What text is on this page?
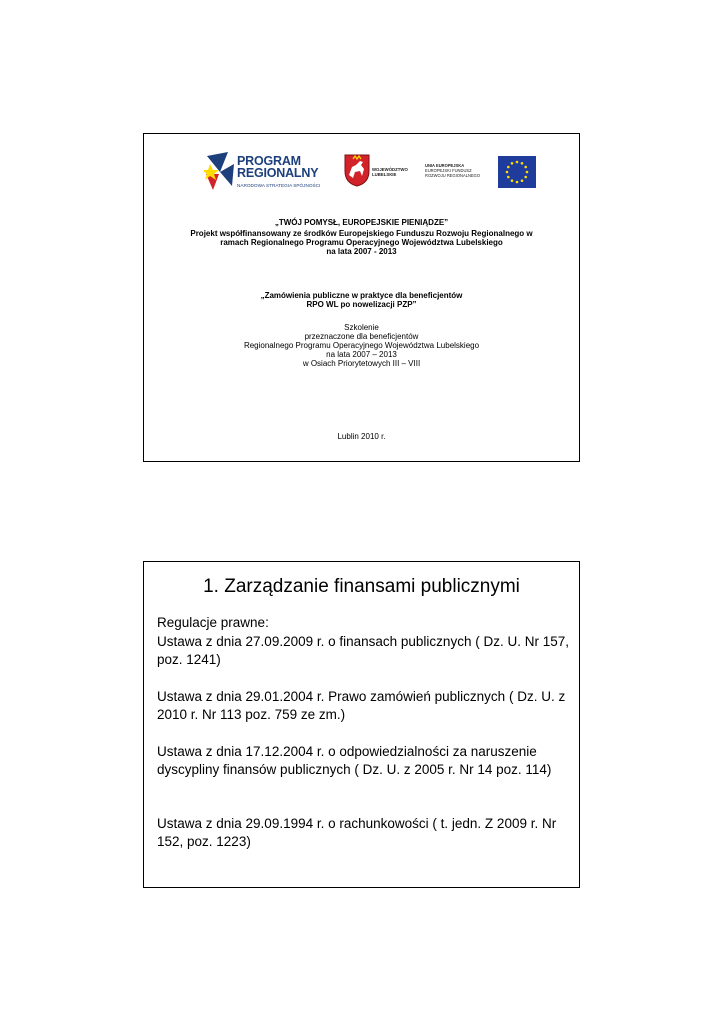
PROGRAM
REGIONALNY
NARODOWA STRATEGIA SPÓJNOŚCI
WOJEWÓDZTWO
LUBELSKIE
UNIA EUROPEJSKA
EUROPEJSKI FUNDUSZ
ROZWOJU REGIONALNEGO
„TWÓJ POMYSŁ, EUROPEJSKIE PIENIĄDZE”
Projekt współfinansowany ze środków Europejskiego Funduszu Rozwoju Regionalnego w
ramach Regionalnego Programu Operacyjnego Województwa Lubelskiego
na lata 2007 - 2013
„Zamówienia publiczne w praktyce dla beneficjentów
RPO WL po nowelizacji PZP”
Szkolenie
przeznaczone dla beneficjentów
Regionalnego Programu Operacyjnego Województwa Lubelskiego
na lata 2007 – 2013
w Osiach Priorytetowych III – VIII
Lublin 2010 r.
1. Zarządzanie finansami publicznymi
Regulacje prawne:
Ustawa z dnia 27.09.2009 r. o finansach publicznych ( Dz. U. Nr 157, poz. 1241)
Ustawa z dnia 29.01.2004 r. Prawo zamówień publicznych ( Dz. U. z 2010 r. Nr 113 poz. 759 ze zm.)
Ustawa z dnia 17.12.2004 r. o odpowiedzialności za naruszenie dyscypliny finansów publicznych ( Dz. U. z 2005 r. Nr 14 poz. 114)
Ustawa z dnia 29.09.1994 r. o rachunkowości ( t. jedn. Z 2009 r. Nr 152, poz. 1223)
